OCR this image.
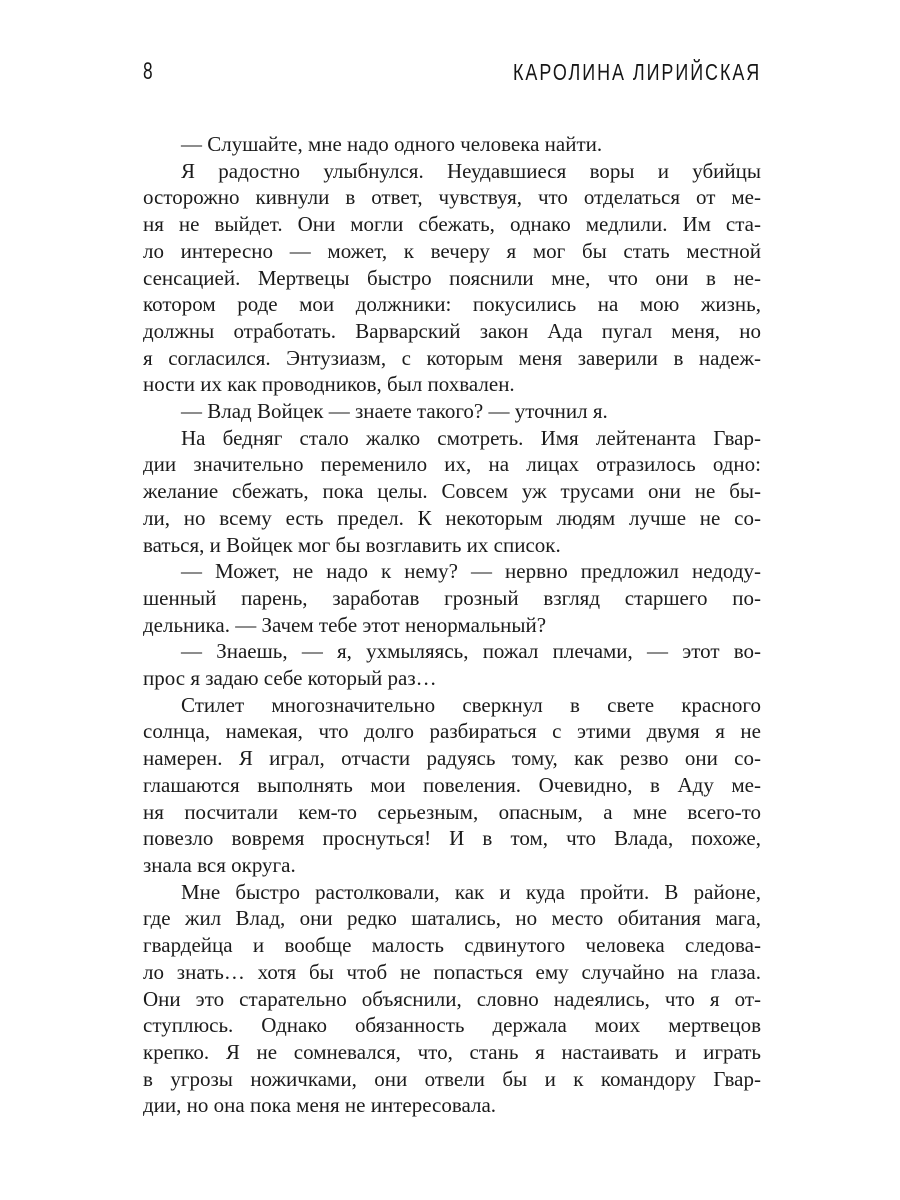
8	КАРОЛИНА ЛИРИЙСКАЯ
— Слушайте, мне надо одного человека найти.
Я радостно улыбнулся. Неудавшиеся воры и убийцы
осторожно кивнули в ответ, чувствуя, что отделаться от ме-
ня не выйдет. Они могли сбежать, однако медлили. Им ста-
ло интересно — может, к вечеру я мог бы стать местной
сенсацией. Мертвецы быстро пояснили мне, что они в не-
котором роде мои должники: покусились на мою жизнь,
должны отработать. Варварский закон Ада пугал меня, но
я согласился. Энтузиазм, с которым меня заверили в надеж-
ности их как проводников, был похвален.
— Влад Войцек — знаете такого? — уточнил я.
На бедняг стало жалко смотреть. Имя лейтенанта Гвар-
дии значительно переменило их, на лицах отразилось одно:
желание сбежать, пока целы. Совсем уж трусами они не бы-
ли, но всему есть предел. К некоторым людям лучше не со-
ваться, и Войцек мог бы возглавить их список.
— Может, не надо к нему? — нервно предложил недоду-
шенный парень, заработав грозный взгляд старшего по-
дельника. — Зачем тебе этот ненормальный?
— Знаешь, — я, ухмыляясь, пожал плечами, — этот во-
прос я задаю себе который раз…
Стилет многозначительно сверкнул в свете красного
солнца, намекая, что долго разбираться с этими двумя я не
намерен. Я играл, отчасти радуясь тому, как резво они со-
глашаются выполнять мои повеления. Очевидно, в Аду ме-
ня посчитали кем-то серьезным, опасным, а мне всего-то
повезло вовремя проснуться! И в том, что Влада, похоже,
знала вся округа.
Мне быстро растолковали, как и куда пройти. В районе,
где жил Влад, они редко шатались, но место обитания мага,
гвардейца и вообще малость сдвинутого человека следова-
ло знать… хотя бы чтоб не попасться ему случайно на глаза.
Они это старательно объяснили, словно надеялись, что я от-
ступлюсь. Однако обязанность держала моих мертвецов
крепко. Я не сомневался, что, стань я настаивать и играть
в угрозы ножичками, они отвели бы и к командору Гвар-
дии, но она пока меня не интересовала.
